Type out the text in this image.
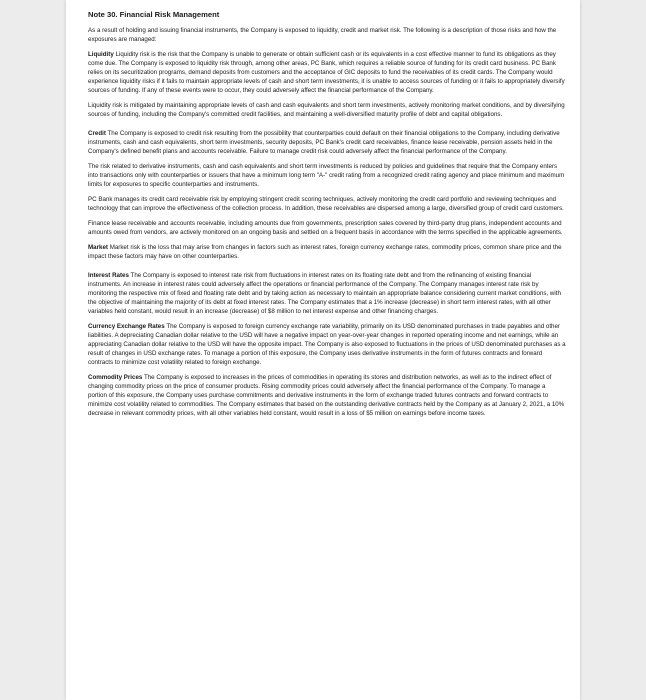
Note 30. Financial Risk Management

As a result of holding and issuing financial instruments, the Company is exposed to liquidity, credit and market risk. The following is a description of those risks and how the exposures are managed:

Liquidity Liquidity risk is the risk that the Company is unable to generate or obtain sufficient cash or its equivalents in a cost effective manner to fund its obligations as they come due. The Company is exposed to liquidity risk through, among other areas, PC Bank, which requires a reliable source of funding for its credit card business. PC Bank relies on its securitization programs, demand deposits from customers and the acceptance of GIC deposits to fund the receivables of its credit cards. The Company would experience liquidity risks if it fails to maintain appropriate levels of cash and short term investments, it is unable to access sources of funding or it fails to appropriately diversify sources of funding. If any of these events were to occur, they could adversely affect the financial performance of the Company.

Liquidity risk is mitigated by maintaining appropriate levels of cash and cash equivalents and short term investments, actively monitoring market conditions, and by diversifying sources of funding, including the Company's committed credit facilities, and maintaining a well-diversified maturity profile of debt and capital obligations.

Credit The Company is exposed to credit risk resulting from the possibility that counterparties could default on their financial obligations to the Company, including derivative instruments, cash and cash equivalents, short term investments, security deposits, PC Bank's credit card receivables, finance lease receivable, pension assets held in the Company's defined benefit plans and accounts receivable. Failure to manage credit risk could adversely affect the financial performance of the Company.

The risk related to derivative instruments, cash and cash equivalents and short term investments is reduced by policies and guidelines that require that the Company enters into transactions only with counterparties or issuers that have a minimum long term "A-" credit rating from a recognized credit rating agency and place minimum and maximum limits for exposures to specific counterparties and instruments.

PC Bank manages its credit card receivable risk by employing stringent credit scoring techniques, actively monitoring the credit card portfolio and reviewing techniques and technology that can improve the effectiveness of the collection process. In addition, these receivables are dispersed among a large, diversified group of credit card customers.

Finance lease receivable and accounts receivable, including amounts due from governments, prescription sales covered by third-party drug plans, independent accounts and amounts owed from vendors, are actively monitored on an ongoing basis and settled on a frequent basis in accordance with the terms specified in the applicable agreements.

Market Market risk is the loss that may arise from changes in factors such as interest rates, foreign currency exchange rates, commodity prices, common share price and the impact these factors may have on other counterparties.

Interest Rates The Company is exposed to interest rate risk from fluctuations in interest rates on its floating rate debt and from the refinancing of existing financial instruments. An increase in interest rates could adversely affect the operations or financial performance of the Company. The Company manages interest rate risk by monitoring the respective mix of fixed and floating rate debt and by taking action as necessary to maintain an appropriate balance considering current market conditions, with the objective of maintaining the majority of its debt at fixed interest rates. The Company estimates that a 1% increase (decrease) in short term interest rates, with all other variables held constant, would result in an increase (decrease) of $8 million to net interest expense and other financing charges.

Currency Exchange Rates The Company is exposed to foreign currency exchange rate variability, primarily on its USD denominated purchases in trade payables and other liabilities. A depreciating Canadian dollar relative to the USD will have a negative impact on year-over-year changes in reported operating income and net earnings, while an appreciating Canadian dollar relative to the USD will have the opposite impact. The Company is also exposed to fluctuations in the prices of USD denominated purchases as a result of changes in USD exchange rates. To manage a portion of this exposure, the Company uses derivative instruments in the form of futures contracts and forward contracts to minimize cost volatility related to foreign exchange.

Commodity Prices The Company is exposed to increases in the prices of commodities in operating its stores and distribution networks, as well as to the indirect effect of changing commodity prices on the price of consumer products. Rising commodity prices could adversely affect the financial performance of the Company. To manage a portion of this exposure, the Company uses purchase commitments and derivative instruments in the form of exchange traded futures contracts and forward contracts to minimize cost volatility related to commodities. The Company estimates that based on the outstanding derivative contracts held by the Company as at January 2, 2021, a 10% decrease in relevant commodity prices, with all other variables held constant, would result in a loss of $5 million on earnings before income taxes.
